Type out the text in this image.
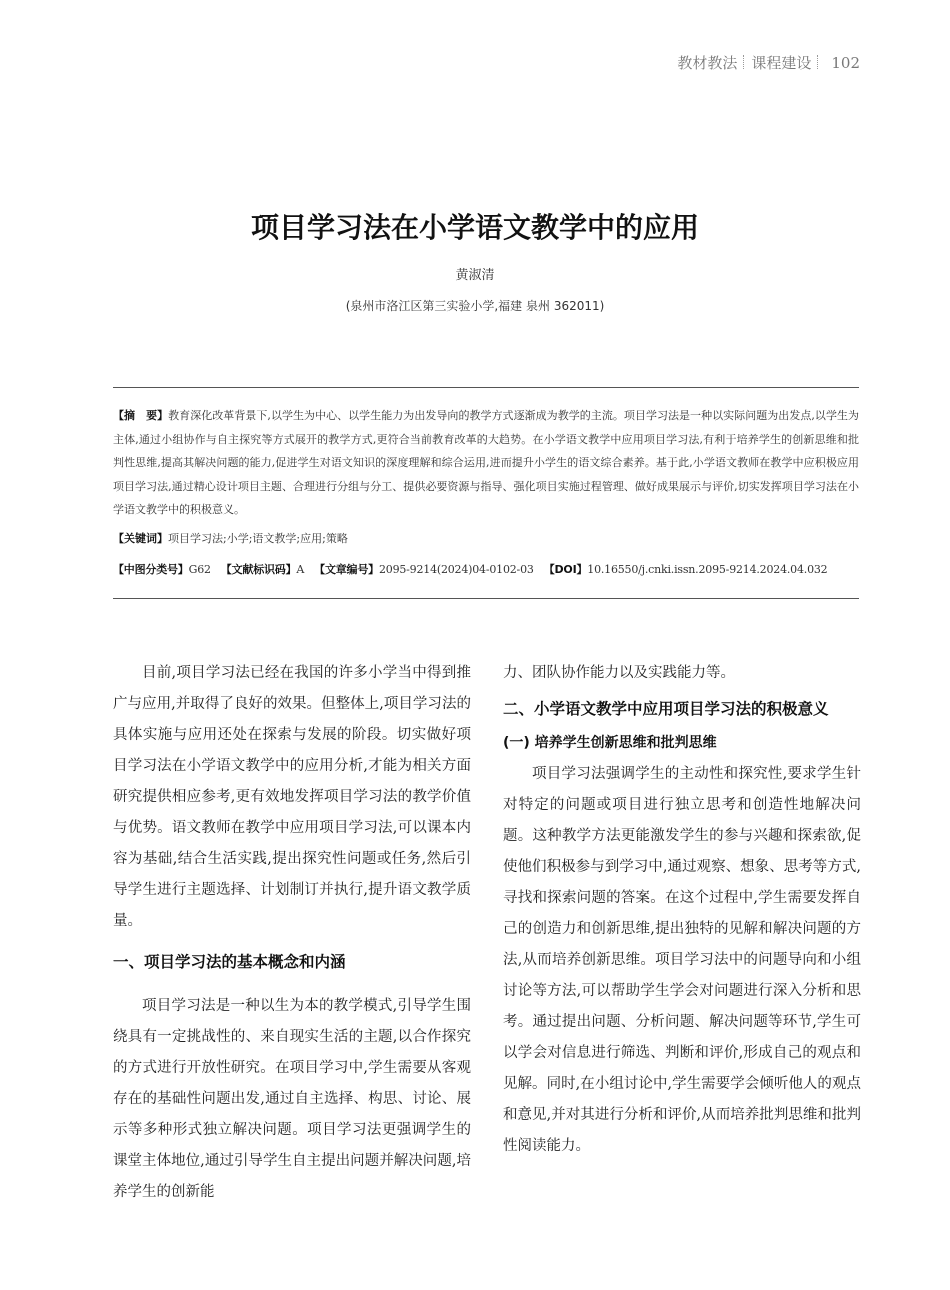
教材教法 课程建设 102
项目学习法在小学语文教学中的应用
黄淑清
(泉州市洛江区第三实验小学,福建 泉州 362011)
【摘　要】教育深化改革背景下,以学生为中心、以学生能力为出发导向的教学方式逐渐成为教学的主流。项目学习法是一种以实际问题为出发点,以学生为主体,通过小组协作与自主探究等方式展开的教学方式,更符合当前教育改革的大趋势。在小学语文教学中应用项目学习法,有利于培养学生的创新思维和批判性思维,提高其解决问题的能力,促进学生对语文知识的深度理解和综合运用,进而提升小学生的语文综合素养。基于此,小学语文教师在教学中应积极应用项目学习法,通过精心设计项目主题、合理进行分组与分工、提供必要资源与指导、强化项目实施过程管理、做好成果展示与评价,切实发挥项目学习法在小学语文教学中的积极意义。
【关键词】项目学习法;小学;语文教学;应用;策略
【中图分类号】G62 【文献标识码】A 【文章编号】2095-9214(2024)04-0102-03 【DOI】10.16550/j.cnki.issn.2095-9214.2024.04.032

目前,项目学习法已经在我国的许多小学当中得到推广与应用,并取得了良好的效果。但整体上,项目学习法的具体实施与应用还处在探索与发展的阶段。切实做好项目学习法在小学语文教学中的应用分析,才能为相关方面研究提供相应参考,更有效地发挥项目学习法的教学价值与优势。语文教师在教学中应用项目学习法,可以课本内容为基础,结合生活实践,提出探究性问题或任务,然后引导学生进行主题选择、计划制订并执行,提升语文教学质量。

一、项目学习法的基本概念和内涵

项目学习法是一种以生为本的教学模式,引导学生围绕具有一定挑战性的、来自现实生活的主题,以合作探究的方式进行开放性研究。在项目学习中,学生需要从客观存在的基础性问题出发,通过自主选择、构思、讨论、展示等多种形式独立解决问题。项目学习法更强调学生的课堂主体地位,通过引导学生自主提出问题并解决问题,培养学生的创新能

力、团队协作能力以及实践能力等。

二、小学语文教学中应用项目学习法的积极意义
(一) 培养学生创新思维和批判思维

项目学习法强调学生的主动性和探究性,要求学生针对特定的问题或项目进行独立思考和创造性地解决问题。这种教学方法更能激发学生的参与兴趣和探索欲,促使他们积极参与到学习中,通过观察、想象、思考等方式,寻找和探索问题的答案。在这个过程中,学生需要发挥自己的创造力和创新思维,提出独特的见解和解决问题的方法,从而培养创新思维。项目学习法中的问题导向和小组讨论等方法,可以帮助学生学会对问题进行深入分析和思考。通过提出问题、分析问题、解决问题等环节,学生可以学会对信息进行筛选、判断和评价,形成自己的观点和见解。同时,在小组讨论中,学生需要学会倾听他人的观点和意见,并对其进行分析和评价,从而培养批判思维和批判性阅读能力。
